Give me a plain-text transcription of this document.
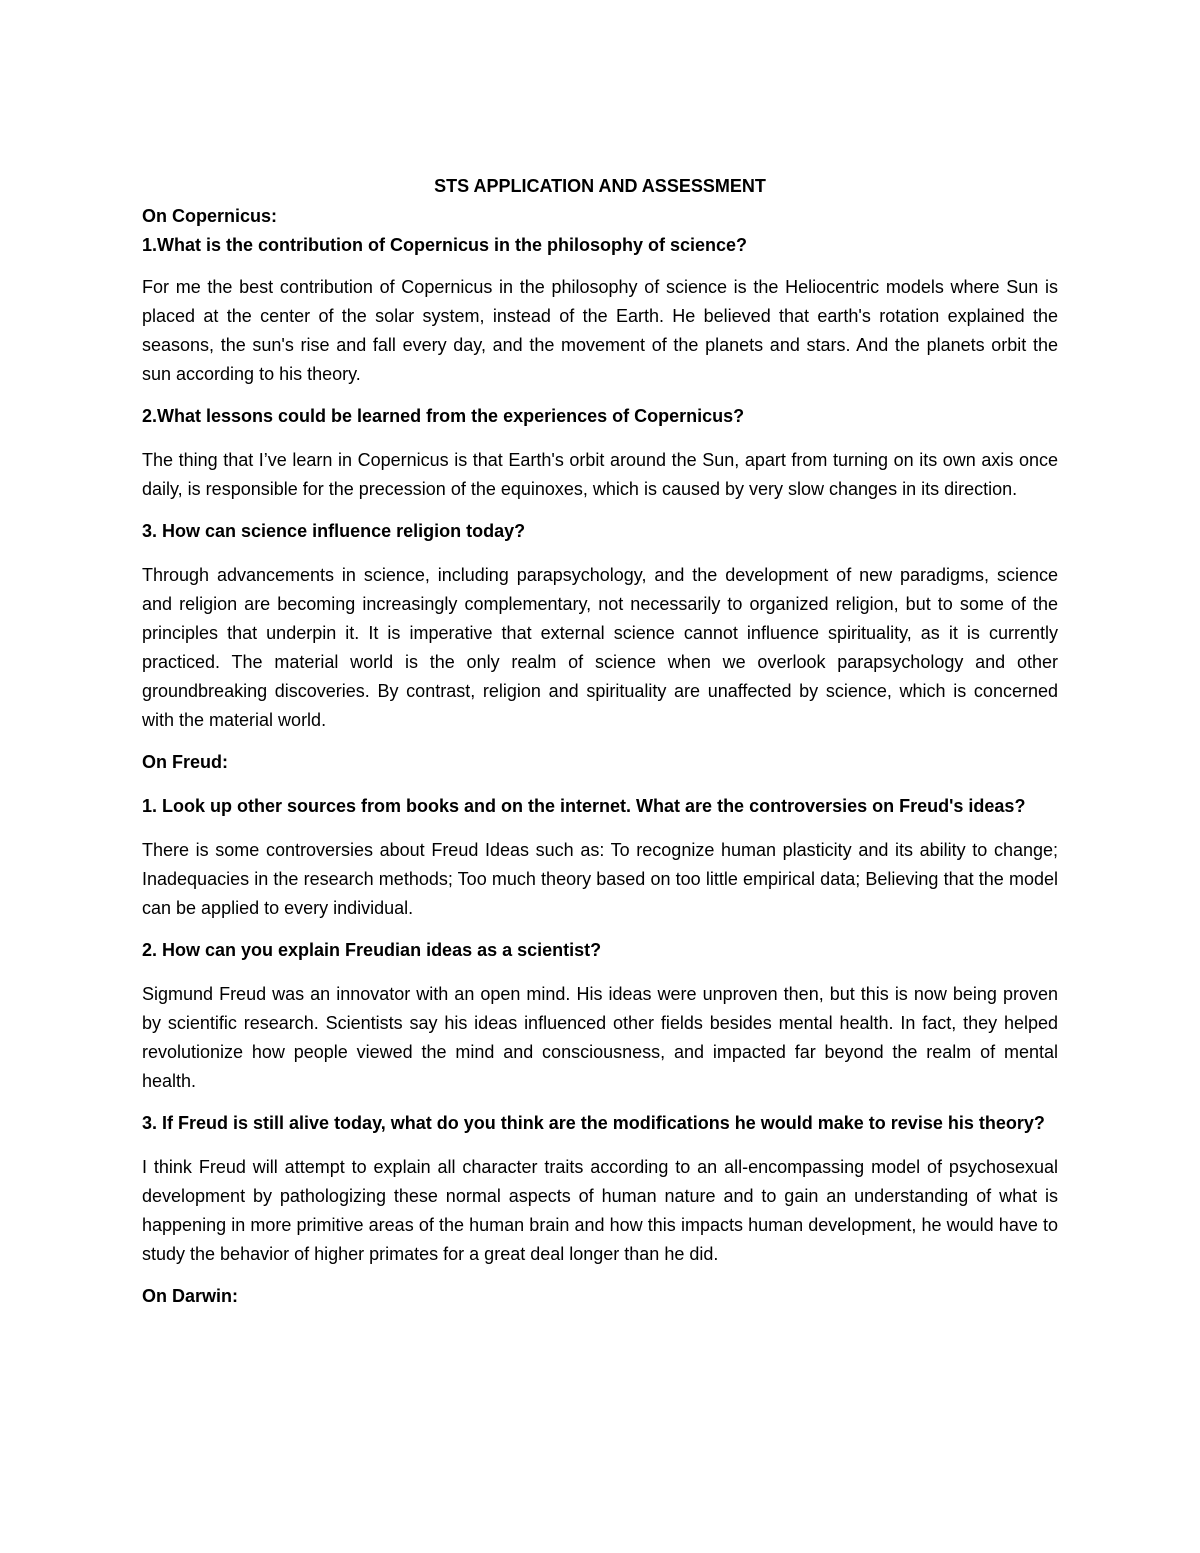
STS APPLICATION AND ASSESSMENT

On Copernicus:

1.What is the contribution of Copernicus in the philosophy of science?

For me the best contribution of Copernicus in the philosophy of science is the Heliocentric models where Sun is placed at the center of the solar system, instead of the Earth. He believed that earth's rotation explained the seasons, the sun's rise and fall every day, and the movement of the planets and stars. And the planets orbit the sun according to his theory.

2.What lessons could be learned from the experiences of Copernicus?

The thing that I’ve learn in Copernicus is that Earth's orbit around the Sun, apart from turning on its own axis once daily, is responsible for the precession of the equinoxes, which is caused by very slow changes in its direction.

3. How can science influence religion today?

Through advancements in science, including parapsychology, and the development of new paradigms, science and religion are becoming increasingly complementary, not necessarily to organized religion, but to some of the principles that underpin it. It is imperative that external science cannot influence spirituality, as it is currently practiced. The material world is the only realm of science when we overlook parapsychology and other groundbreaking discoveries. By contrast, religion and spirituality are unaffected by science, which is concerned with the material world.

On Freud:

1. Look up other sources from books and on the internet. What are the controversies on Freud's ideas?

There is some controversies about Freud Ideas such as: To recognize human plasticity and its ability to change; Inadequacies in the research methods; Too much theory based on too little empirical data; Believing that the model can be applied to every individual.

2. How can you explain Freudian ideas as a scientist?

Sigmund Freud was an innovator with an open mind. His ideas were unproven then, but this is now being proven by scientific research. Scientists say his ideas influenced other fields besides mental health. In fact, they helped revolutionize how people viewed the mind and consciousness, and impacted far beyond the realm of mental health.

3. If Freud is still alive today, what do you think are the modifications he would make to revise his theory?

I think Freud will attempt to explain all character traits according to an all-encompassing model of psychosexual development by pathologizing these normal aspects of human nature and to gain an understanding of what is happening in more primitive areas of the human brain and how this impacts human development, he would have to study the behavior of higher primates for a great deal longer than he did.

On Darwin:
